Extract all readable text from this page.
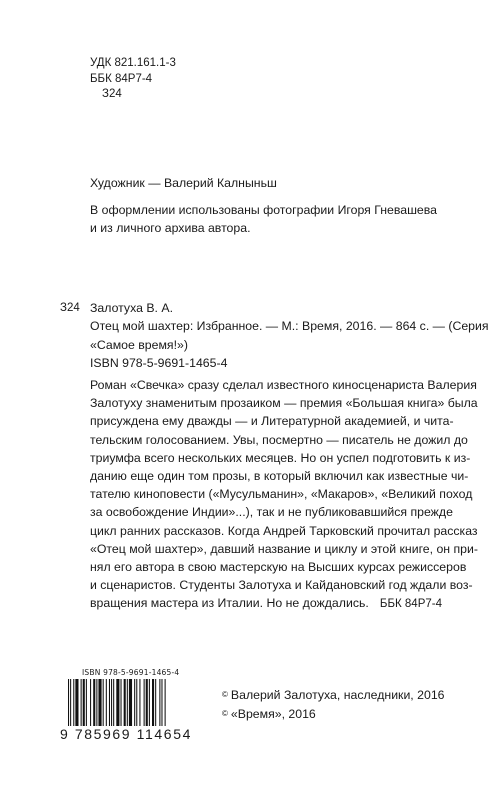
УДК 821.161.1-3
ББК 84Р7-4
З24
Художник — Валерий Калныньш
В оформлении использованы фотографии Игоря Гневашева
и из личного архива автора.
З24 Залотуха В. А.
Отец мой шахтер: Избранное. — М.: Время, 2016. — 864 с. — (Серия
«Самое время!»)
ISBN 978-5-9691-1465-4
Роман «Свечка» сразу сделал известного киносценариста Валерия
Залотуху знаменитым прозаиком — премия «Большая книга» была
присуждена ему дважды — и Литературной академией, и чита-
тельским голосованием. Увы, посмертно — писатель не дожил до
триумфа всего нескольких месяцев. Но он успел подготовить к из-
данию еще один том прозы, в который включил как известные чи-
тателю киноповести («Мусульманин», «Макаров», «Великий поход
за освобождение Индии»...), так и не публиковавшийся прежде
цикл ранних рассказов. Когда Андрей Тарковский прочитал рассказ
«Отец мой шахтер», давший название и циклу и этой книге, он при-
нял его автора в свою мастерскую на Высших курсах режиссеров
и сценаристов. Студенты Залотуха и Кайдановский год ждали воз-
вращения мастера из Италии. Но не дождались. ББК 84Р7-4
ISBN 978-5-9691-1465-4
9 785969 114654
© Валерий Залотуха, наследники, 2016
© «Время», 2016
